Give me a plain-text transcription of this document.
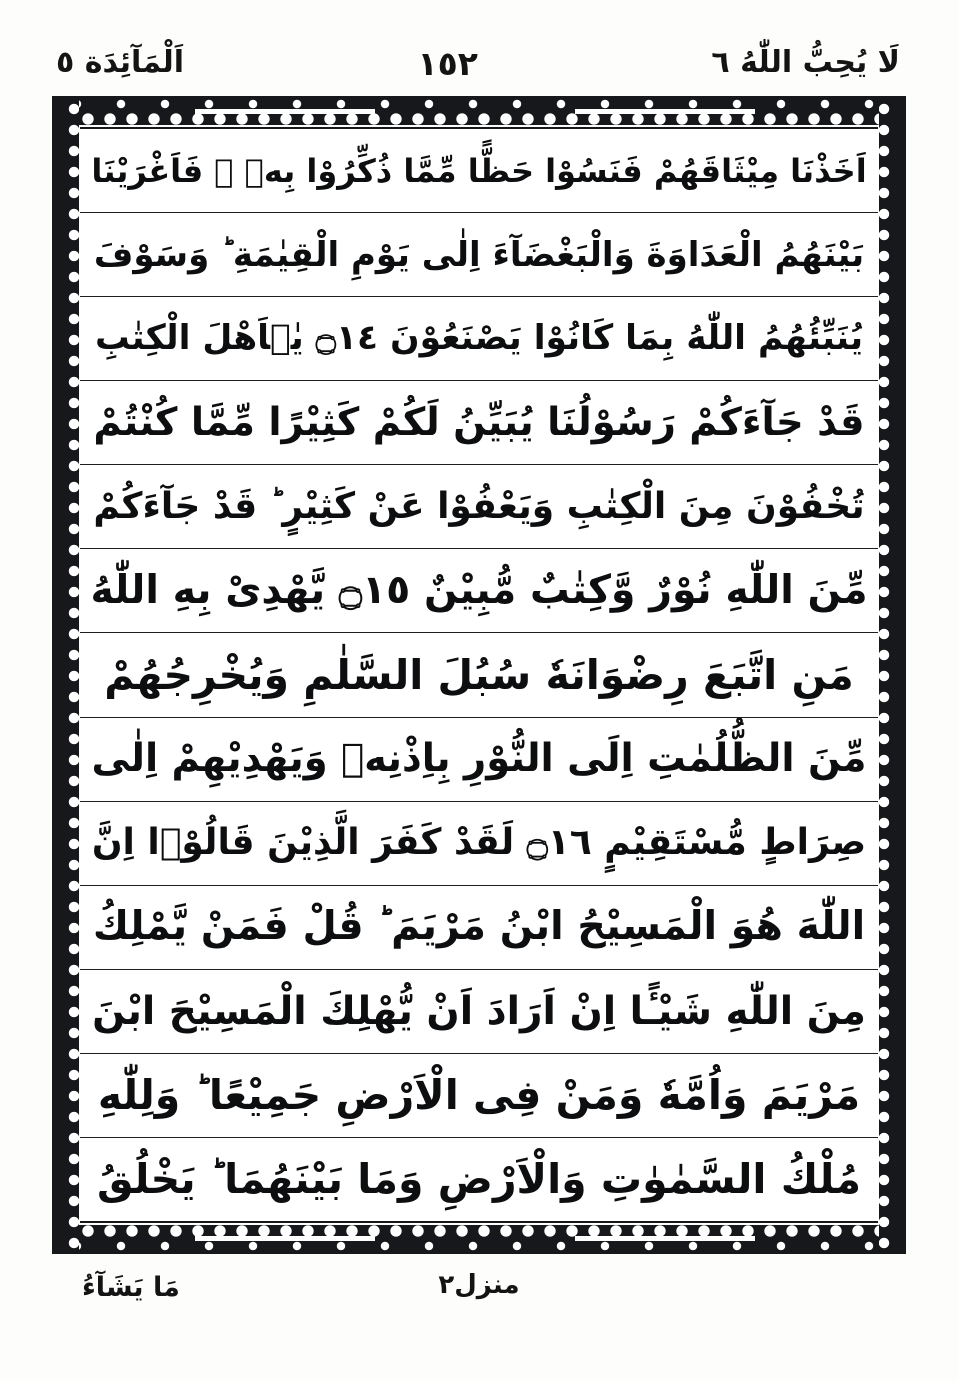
لَا يُحِبُّ اللّٰهُ ٦
١٥٢
اَلْمَآئِدَة ٥
اَخَذْنَا مِيْثَاقَهُمْ فَنَسُوْا حَظًّا مِّمَّا ذُكِّرُوْا بِهٖ ۖ فَاَغْرَيْنَا
بَيْنَهُمُ الْعَدَاوَةَ وَالْبَغْضَآءَ اِلٰى يَوْمِ الْقِيٰمَةِ ؕ وَسَوْفَ
يُنَبِّئُهُمُ اللّٰهُ بِمَا كَانُوْا يَصْنَعُوْنَ ۝١٤ يٰۤاَهْلَ الْكِتٰبِ
قَدْ جَآءَكُمْ رَسُوْلُنَا يُبَيِّنُ لَكُمْ كَثِيْرًا مِّمَّا كُنْتُمْ
تُخْفُوْنَ مِنَ الْكِتٰبِ وَيَعْفُوْا عَنْ كَثِيْرٍ ؕ قَدْ جَآءَكُمْ
مِّنَ اللّٰهِ نُوْرٌ وَّكِتٰبٌ مُّبِيْنٌ ۝١٥ يَّهْدِىْ بِهِ اللّٰهُ
مَنِ اتَّبَعَ رِضْوَانَهٗ سُبُلَ السَّلٰمِ وَيُخْرِجُهُمْ
مِّنَ الظُّلُمٰتِ اِلَى النُّوْرِ بِاِذْنِهٖ وَيَهْدِيْهِمْ اِلٰى
صِرَاطٍ مُّسْتَقِيْمٍ ۝١٦ لَقَدْ كَفَرَ الَّذِيْنَ قَالُوْۤا اِنَّ
اللّٰهَ هُوَ الْمَسِيْحُ ابْنُ مَرْيَمَ ؕ قُلْ فَمَنْ يَّمْلِكُ
مِنَ اللّٰهِ شَيْـًٔا اِنْ اَرَادَ اَنْ يُّهْلِكَ الْمَسِيْحَ ابْنَ
مَرْيَمَ وَاُمَّهٗ وَمَنْ فِى الْاَرْضِ جَمِيْعًا ؕ وَلِلّٰهِ
مُلْكُ السَّمٰوٰتِ وَالْاَرْضِ وَمَا بَيْنَهُمَا ؕ يَخْلُقُ
منزل٢
مَا يَشَآءُ
